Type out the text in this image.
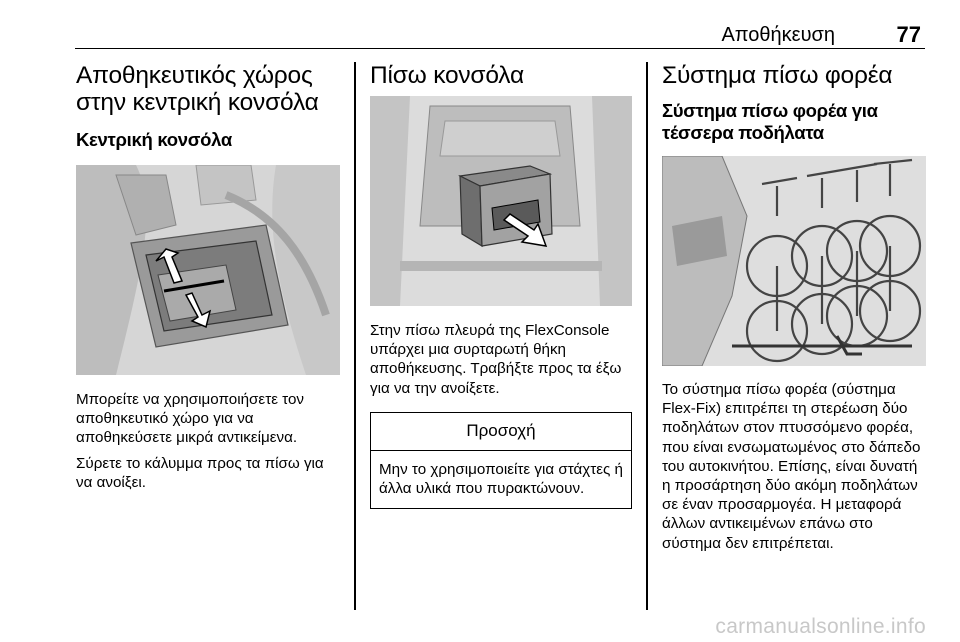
Αποθήκευση	77
Αποθηκευτικός χώρος στην κεντρική κονσόλα
Κεντρική κονσόλα

Μπορείτε να χρησιμοποιήσετε τον αποθηκευτικό χώρο για να αποθηκεύσετε μικρά αντικείμενα.

Σύρετε το κάλυμμα προς τα πίσω για να ανοίξει.

Πίσω κονσόλα

Στην πίσω πλευρά της FlexConsole υπάρχει μια συρταρωτή θήκη αποθήκευσης. Τραβήξτε προς τα έξω για να την ανοίξετε.

Προσοχή
Μην το χρησιμοποιείτε για στάχτες ή άλλα υλικά που πυρακτώνουν.
Σύστημα πίσω φορέα
Σύστημα πίσω φορέα για τέσσερα ποδήλατα

Το σύστημα πίσω φορέα (σύστημα Flex-Fix) επιτρέπει τη στερέωση δύο ποδηλάτων στον πτυσσόμενο φορέα, που είναι ενσωματωμένος στο δάπεδο του αυτοκινήτου. Επίσης, είναι δυνατή η προσάρτηση δύο ακόμη ποδηλάτων σε έναν προσαρμογέα. Η μεταφορά άλλων αντικειμένων επάνω στο σύστημα δεν επιτρέπεται.

carmanualsonline.info
